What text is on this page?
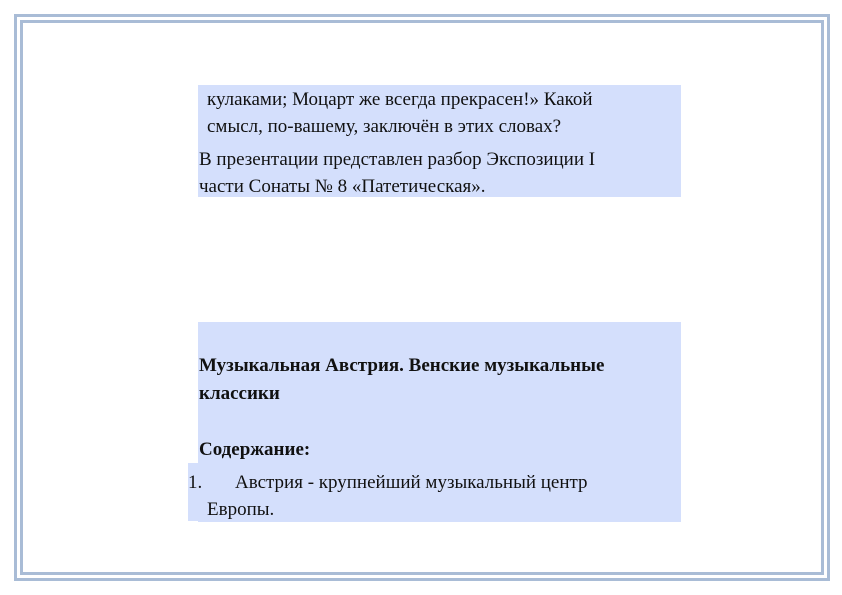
кулаками; Моцарт же всегда прекрасен!» Какой
смысл, по-вашему, заключён в этих словах?
В презентации представлен разбор Экспозиции I
части Сонаты № 8 «Патетическая».
Музыкальная Австрия. Венские музыкальные
классики
Содержание:
1. Австрия - крупнейший музыкальный центр
Европы.
